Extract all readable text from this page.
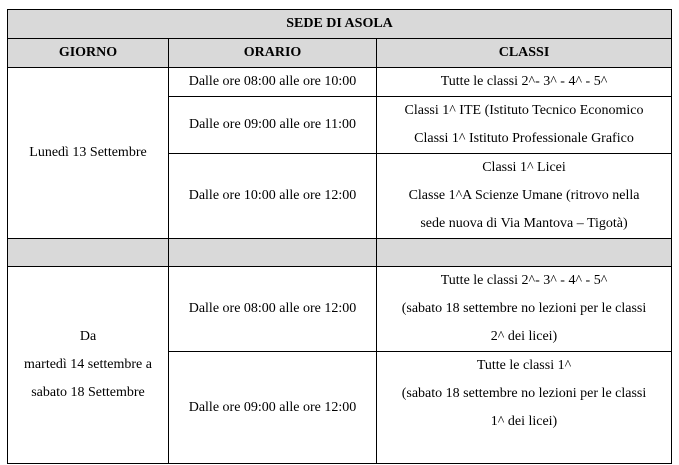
SEDE DI ASOLA		
GIORNO	ORARIO	CLASSI
Lunedì 13 Settembre	Dalle ore 08:00 alle ore 10:00	Tutte le classi 2^- 3^ - 4^ - 5^

	Dalle ore 09:00 alle ore 11:00	Classi 1^ ITE (Istituto Tecnico Economico
Classi 1^ Istituto Professionale Grafico

	Dalle ore 10:00 alle ore 12:00	Classi 1^ Licei
Classe 1^A Scienze Umane (ritrovo nella
sede nuova di Via Mantova – Tigotà)

Da
martedì 14 settembre a
sabato 18 Settembre	Dalle ore 08:00 alle ore 12:00	Tutte le classi 2^- 3^ - 4^ - 5^
(sabato 18 settembre no lezioni per le classi
2^ dei licei)

	Dalle ore 09:00 alle ore 12:00	Tutte le classi 1^
(sabato 18 settembre no lezioni per le classi
1^ dei licei)
